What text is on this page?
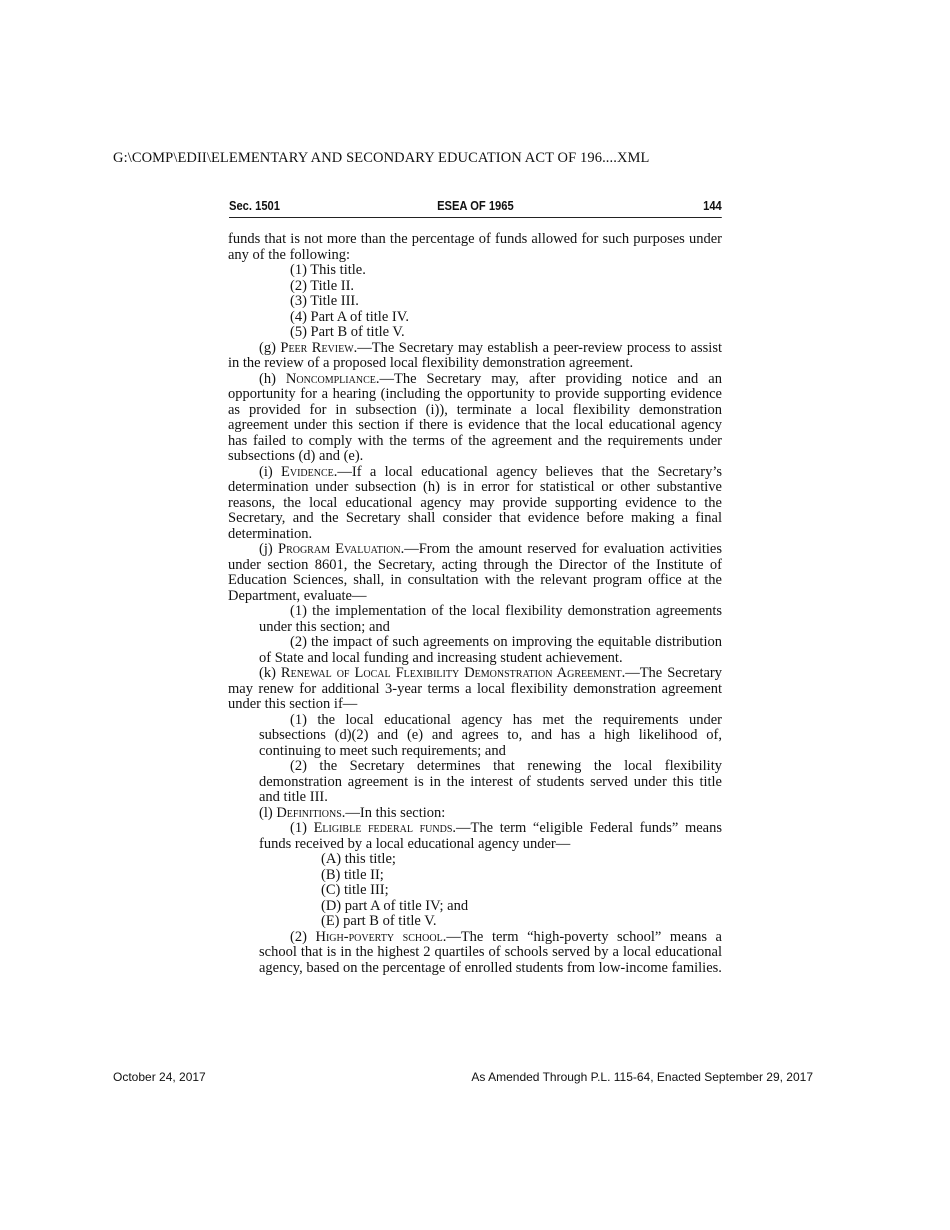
G:\COMP\EDII\ELEMENTARY AND SECONDARY EDUCATION ACT OF 196....XML
Sec. 1501	ESEA OF 1965	144

funds that is not more than the percentage of funds allowed for such purposes under any of the following:

(1) This title.

(2) Title II.

(3) Title III.

(4) Part A of title IV.

(5) Part B of title V.

(g) Peer Review.—The Secretary may establish a peer-review process to assist in the review of a proposed local flexibility demonstration agreement.

(h) Noncompliance.—The Secretary may, after providing notice and an opportunity for a hearing (including the opportunity to provide supporting evidence as provided for in subsection (i)), terminate a local flexibility demonstration agreement under this section if there is evidence that the local educational agency has failed to comply with the terms of the agreement and the requirements under subsections (d) and (e).

(i) Evidence.—If a local educational agency believes that the Secretary’s determination under subsection (h) is in error for statistical or other substantive reasons, the local educational agency may provide supporting evidence to the Secretary, and the Secretary shall consider that evidence before making a final determination.

(j) Program Evaluation.—From the amount reserved for evaluation activities under section 8601, the Secretary, acting through the Director of the Institute of Education Sciences, shall, in consultation with the relevant program office at the Department, evaluate—

(1) the implementation of the local flexibility demonstration agreements under this section; and

(2) the impact of such agreements on improving the equitable distribution of State and local funding and increasing student achievement.

(k) Renewal of Local Flexibility Demonstration Agreement.—The Secretary may renew for additional 3-year terms a local flexibility demonstration agreement under this section if—

(1) the local educational agency has met the requirements under subsections (d)(2) and (e) and agrees to, and has a high likelihood of, continuing to meet such requirements; and

(2) the Secretary determines that renewing the local flexibility demonstration agreement is in the interest of students served under this title and title III.

(l) Definitions.—In this section:

(1) Eligible federal funds.—The term “eligible Federal funds” means funds received by a local educational agency under—

(A) this title;

(B) title II;

(C) title III;

(D) part A of title IV; and

(E) part B of title V.

(2) High-poverty school.—The term “high-poverty school” means a school that is in the highest 2 quartiles of schools served by a local educational agency, based on the percentage of enrolled students from low-income families.

October 24, 2017	As Amended Through P.L. 115-64, Enacted September 29, 2017
